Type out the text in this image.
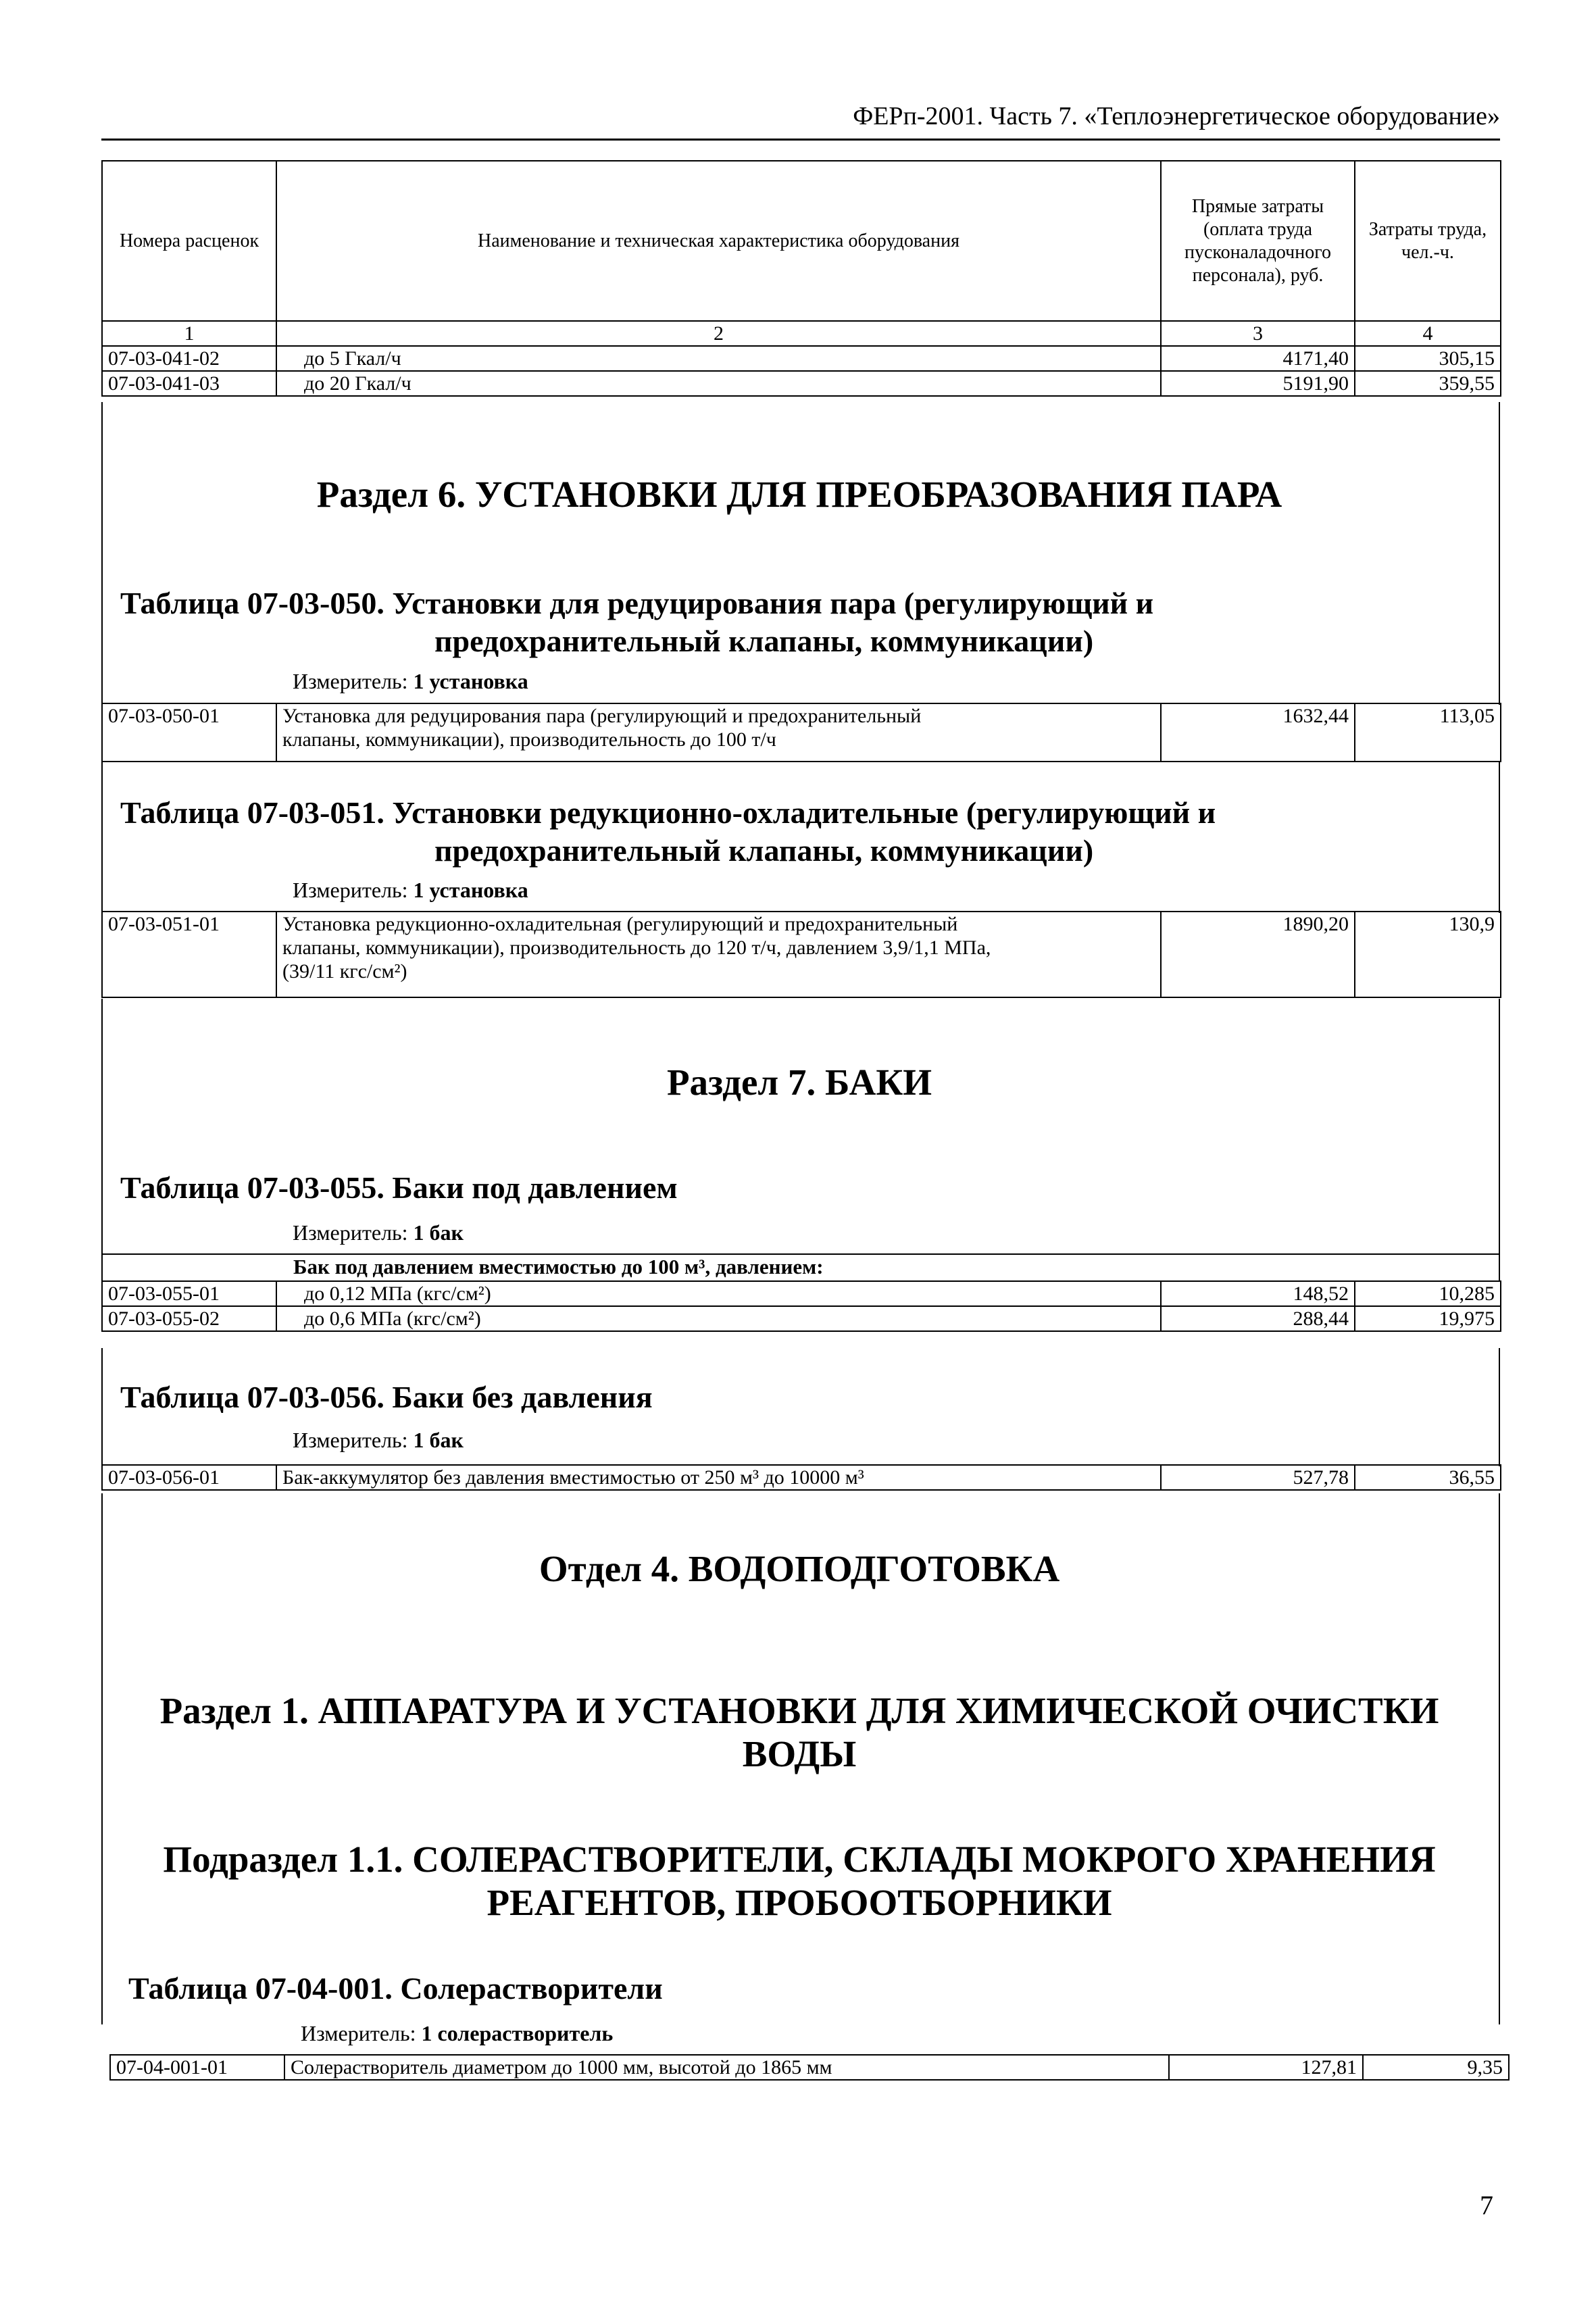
ФЕРп-2001. Часть 7. «Теплоэнергетическое оборудование»
Номера расценок	Наименование и техническая характеристика оборудования	Прямые затраты (оплата труда пусконаладочного персонала), руб.	Затраты труда, чел.-ч.
1	2	3	4
07-03-041-02	до 5 Гкал/ч	4171,40	305,15
07-03-041-03	до 20 Гкал/ч	5191,90	359,55
Раздел 6. УСТАНОВКИ ДЛЯ ПРЕОБРАЗОВАНИЯ ПАРА
Таблица 07-03-050. Установки для редуцирования пара (регулирующий и
предохранительный клапаны, коммуникации)
Измеритель: 1 установка
07-03-050-01	Установка для редуцирования пара (регулирующий и предохранительный
клапаны, коммуникации), производительность до 100 т/ч
	1632,44	113,05
Таблица 07-03-051. Установки редукционно-охладительные (регулирующий и
предохранительный клапаны, коммуникации)
Измеритель: 1 установка
07-03-051-01	Установка редукционно-охладительная (регулирующий и предохранительный
клапаны, коммуникации), производительность до 120 т/ч, давлением 3,9/1,1 МПа,
(39/11 кгс/см²)
	1890,20	130,9
Раздел 7. БАКИ
Таблица 07-03-055. Баки под давлением
Измеритель: 1 бак
Бак под давлением вместимостью до 100 м³, давлением:
07-03-055-01	до 0,12 МПа (кгс/см²)	148,52	10,285
07-03-055-02	до 0,6 МПа (кгс/см²)	288,44	19,975
Таблица 07-03-056. Баки без давления
Измеритель: 1 бак
07-03-056-01	Бак-аккумулятор без давления вместимостью от 250 м³ до 10000 м³	527,78	36,55
Отдел 4. ВОДОПОДГОТОВКА
Раздел 1. АППАРАТУРА И УСТАНОВКИ ДЛЯ ХИМИЧЕСКОЙ ОЧИСТКИ
ВОДЫ
Подраздел 1.1. СОЛЕРАСТВОРИТЕЛИ, СКЛАДЫ МОКРОГО ХРАНЕНИЯ
РЕАГЕНТОВ, ПРОБООТБОРНИКИ
Таблица 07-04-001. Солерастворители
Измеритель: 1 солерастворитель
07-04-001-01	Солерастворитель диаметром до 1000 мм, высотой до 1865 мм	127,81	9,35
7
